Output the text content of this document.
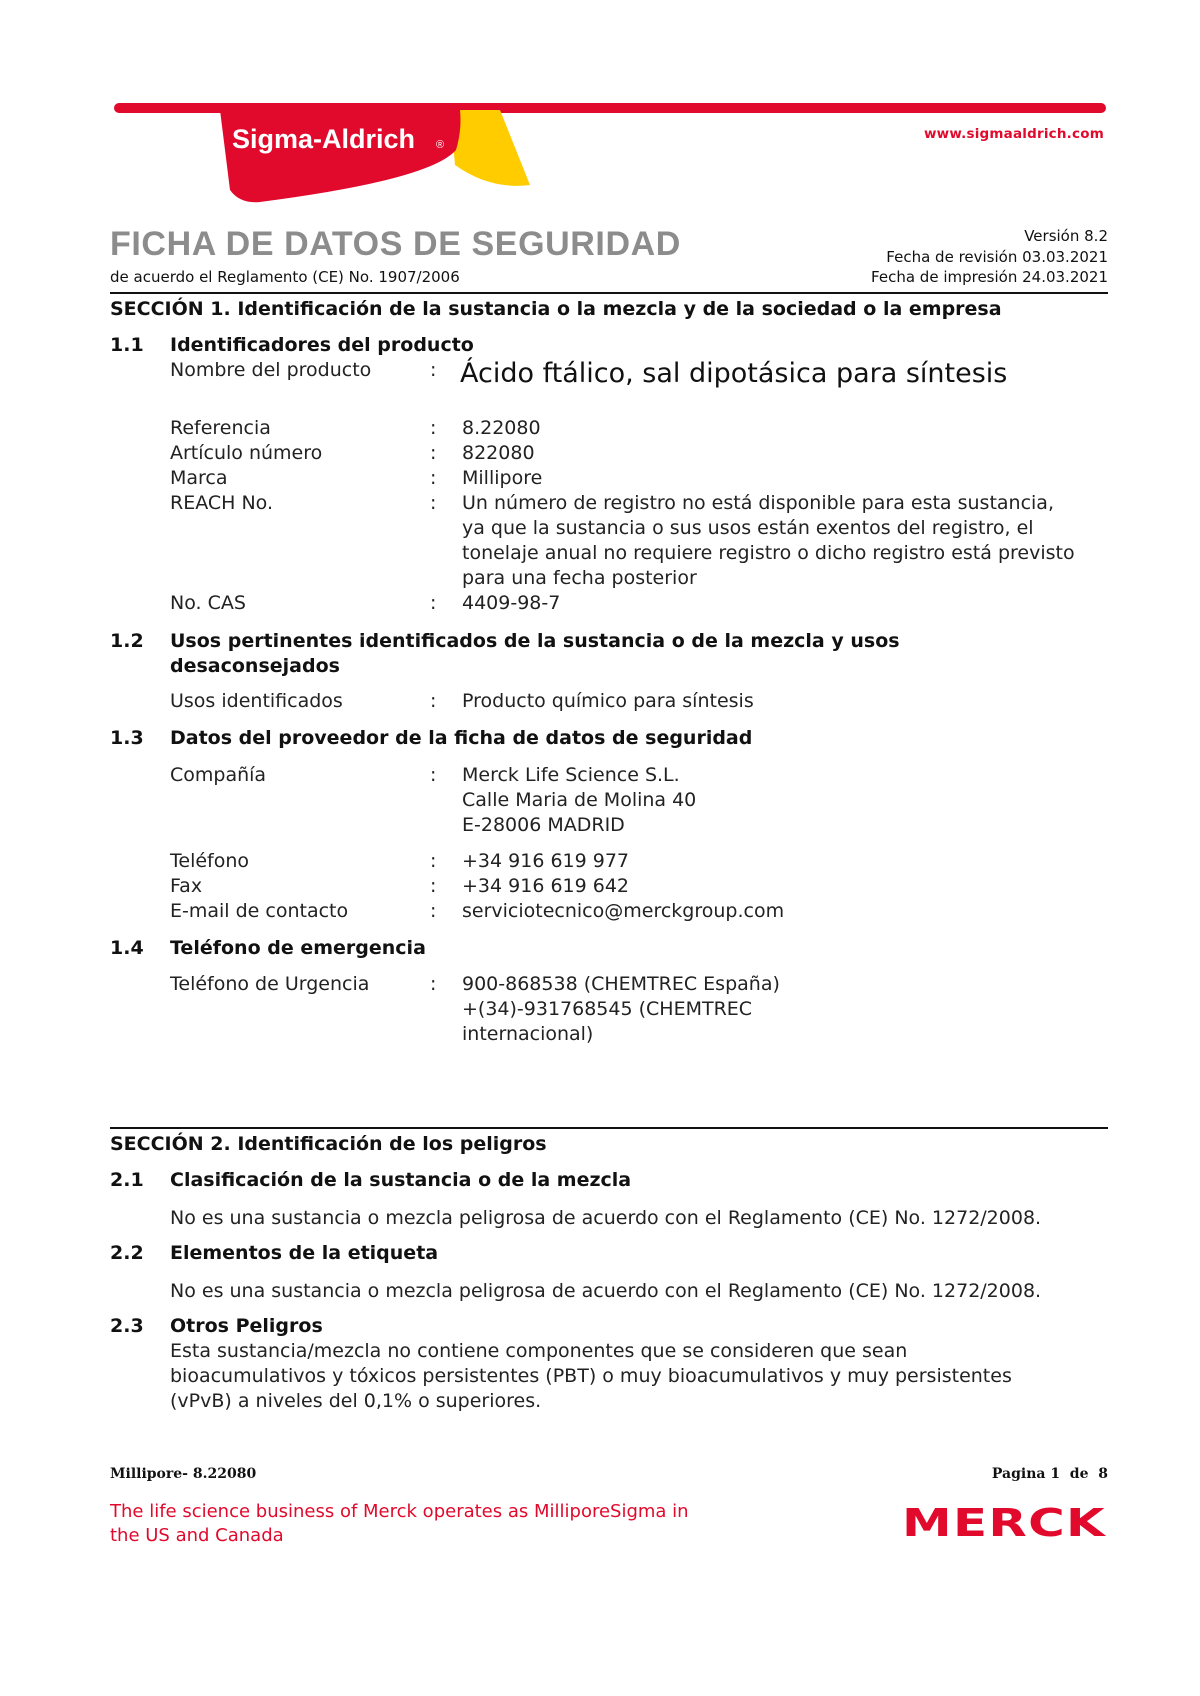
Sigma-Aldrich ®
www.sigmaaldrich.com
FICHA DE DATOS DE SEGURIDAD
de acuerdo el Reglamento (CE) No. 1907/2006
Versión 8.2
Fecha de revisión 03.03.2021
Fecha de impresión 24.03.2021
SECCIÓN 1. Identificación de la sustancia o la mezcla y de la sociedad o la empresa
1.1 Identificadores del producto
Nombre del producto	: Ácido ftálico, sal dipotásica para síntesis
Referencia	: 8.22080
Artículo número	: 822080
Marca	: Millipore
REACH No.	: Un número de registro no está disponible para esta sustancia,
ya que la sustancia o sus usos están exentos del registro, el
tonelaje anual no requiere registro o dicho registro está previsto
para una fecha posterior
No. CAS	: 4409-98-7
1.2 Usos pertinentes identificados de la sustancia o de la mezcla y usos
desaconsejados
Usos identificados	: Producto químico para síntesis
1.3 Datos del proveedor de la ficha de datos de seguridad
Compañía	: Merck Life Science S.L.
Calle Maria de Molina 40
E-28006 MADRID
Teléfono	: +34 916 619 977
Fax	: +34 916 619 642
E-mail de contacto	: serviciotecnico@merckgroup.com
1.4 Teléfono de emergencia
Teléfono de Urgencia	: 900-868538 (CHEMTREC España)
+(34)-931768545 (CHEMTREC
internacional)
SECCIÓN 2. Identificación de los peligros
2.1 Clasificación de la sustancia o de la mezcla
No es una sustancia o mezcla peligrosa de acuerdo con el Reglamento (CE) No. 1272/2008.
2.2 Elementos de la etiqueta
No es una sustancia o mezcla peligrosa de acuerdo con el Reglamento (CE) No. 1272/2008.
2.3 Otros Peligros
Esta sustancia/mezcla no contiene componentes que se consideren que sean
bioacumulativos y tóxicos persistentes (PBT) o muy bioacumulativos y muy persistentes
(vPvB) a niveles del 0,1% o superiores.
Millipore- 8.22080	Pagina 1  de  8
The life science business of Merck operates as MilliporeSigma in
the US and Canada	MERCK
